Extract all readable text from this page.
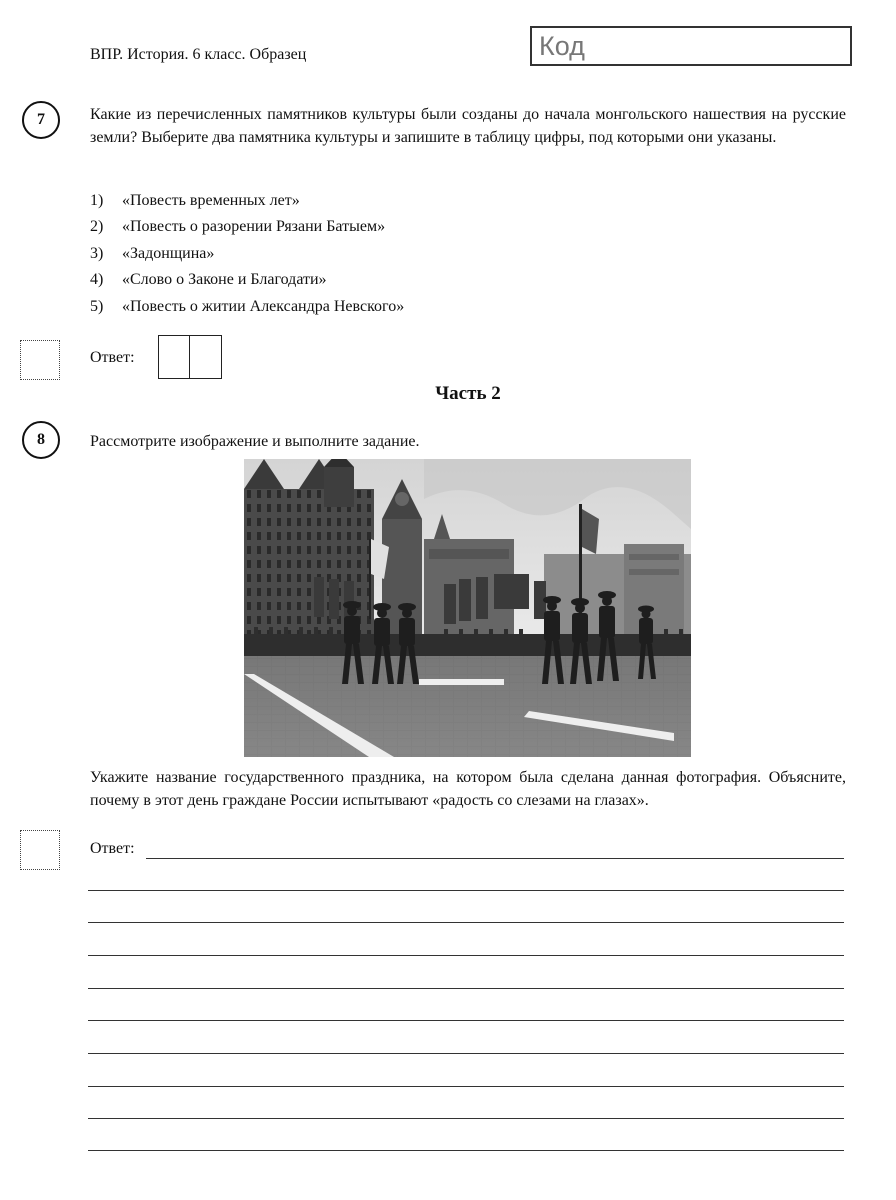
ВПР. История. 6 класс. Образец	Код
7	Какие из перечисленных памятников культуры были созданы до начала монгольского нашествия на русские земли? Выберите два памятника культуры и запишите в таблицу цифры, под которыми они указаны.
1)	«Повесть временных лет»
2)	«Повесть о разорении Рязани Батыем»
3)	«Задонщина»
4)	«Слово о Законе и Благодати»
5)	«Повесть о житии Александра Невского»
Ответ:
Часть 2
8	Рассмотрите изображение и выполните задание.
Укажите название государственного праздника, на котором была сделана данная фотография. Объясните, почему в этот день граждане России испытывают «радость со слезами на глазах».
Ответ:
